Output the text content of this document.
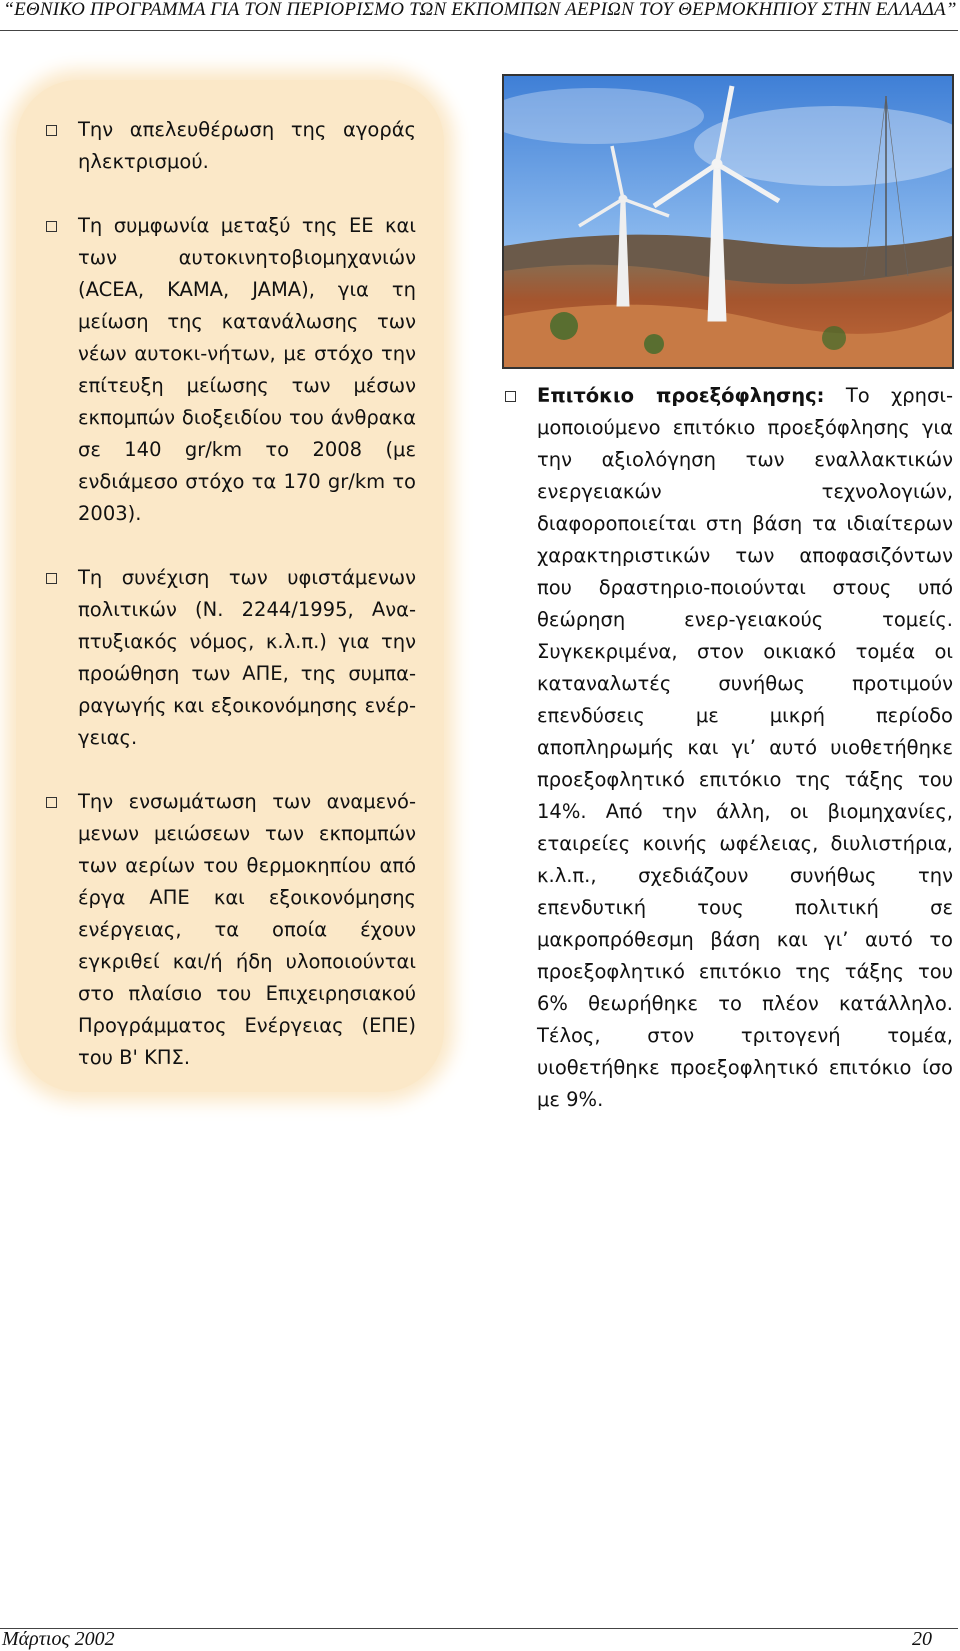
“ΕΘΝΙΚΟ ΠΡΟΓΡΑΜΜΑ ΓΙΑ ΤΟΝ ΠΕΡΙΟΡΙΣΜΟ ΤΩΝ ΕΚΠΟΜΠΩΝ ΑΕΡΙΩΝ ΤΟΥ ΘΕΡΜΟΚΗΠΙΟΥ ΣΤΗΝ ΕΛΛΑΔΑ”
Την απελευθέρωση της αγοράς ηλεκτρισμού.
Τη συμφωνία μεταξύ της ΕΕ και των αυτοκινητοβιομηχανιών (ACEA, KAMA, JAMA), για τη μείωση της κατανάλωσης των νέων αυτοκι-νήτων, με στόχο την επίτευξη μείωσης των μέσων εκπομπών διοξειδίου του άνθρακα σε 140 gr/km το 2008 (με ενδιάμεσο στόχο τα 170 gr/km το 2003).
Τη συνέχιση των υφιστάμενων πολιτικών (Ν. 2244/1995, Ανα-πτυξιακός νόμος, κ.λ.π.) για την προώθηση των ΑΠΕ, της συμπα-ραγωγής και εξοικονόμησης ενέρ-γειας.
Την ενσωμάτωση των αναμενό-μενων μειώσεων των εκπομπών των αερίων του θερμοκηπίου από έργα ΑΠΕ και εξοικονόμησης ενέργειας, τα οποία έχουν εγκριθεί και/ή ήδη υλοποιούνται στο πλαίσιο του Επιχειρησιακού Προγράμματος Ενέργειας (ΕΠΕ) του Β' ΚΠΣ.
Επιτόκιο προεξόφλησης: Το χρησι-μοποιούμενο επιτόκιο προεξόφλησης για την αξιολόγηση των εναλλακτικών ενεργειακών τεχνολογιών, διαφοροποιείται στη βάση τα ιδιαίτερων χαρακτηριστικών των αποφασιζόντων που δραστηριο-ποιούνται στους υπό θεώρηση ενερ-γειακούς τομείς. Συγκεκριμένα, στον οικιακό τομέα οι καταναλωτές συνήθως προτιμούν επενδύσεις με μικρή περίοδο αποπληρωμής και γι’ αυτό υιοθετήθηκε προεξοφλητικό επιτόκιο της τάξης του 14%. Από την άλλη, οι βιομηχανίες, εταιρείες κοινής ωφέλειας, διυλιστήρια, κ.λ.π., σχεδιάζουν συνήθως την επενδυτική τους πολιτική σε μακροπρόθεσμη βάση και γι’ αυτό το προεξοφλητικό επιτόκιο της τάξης του 6% θεωρήθηκε το πλέον κατάλληλο. Τέλος, στον τριτογενή τομέα, υιοθετήθηκε προεξοφλητικό επιτόκιο ίσο με 9%.
Μάρτιος 2002	20
